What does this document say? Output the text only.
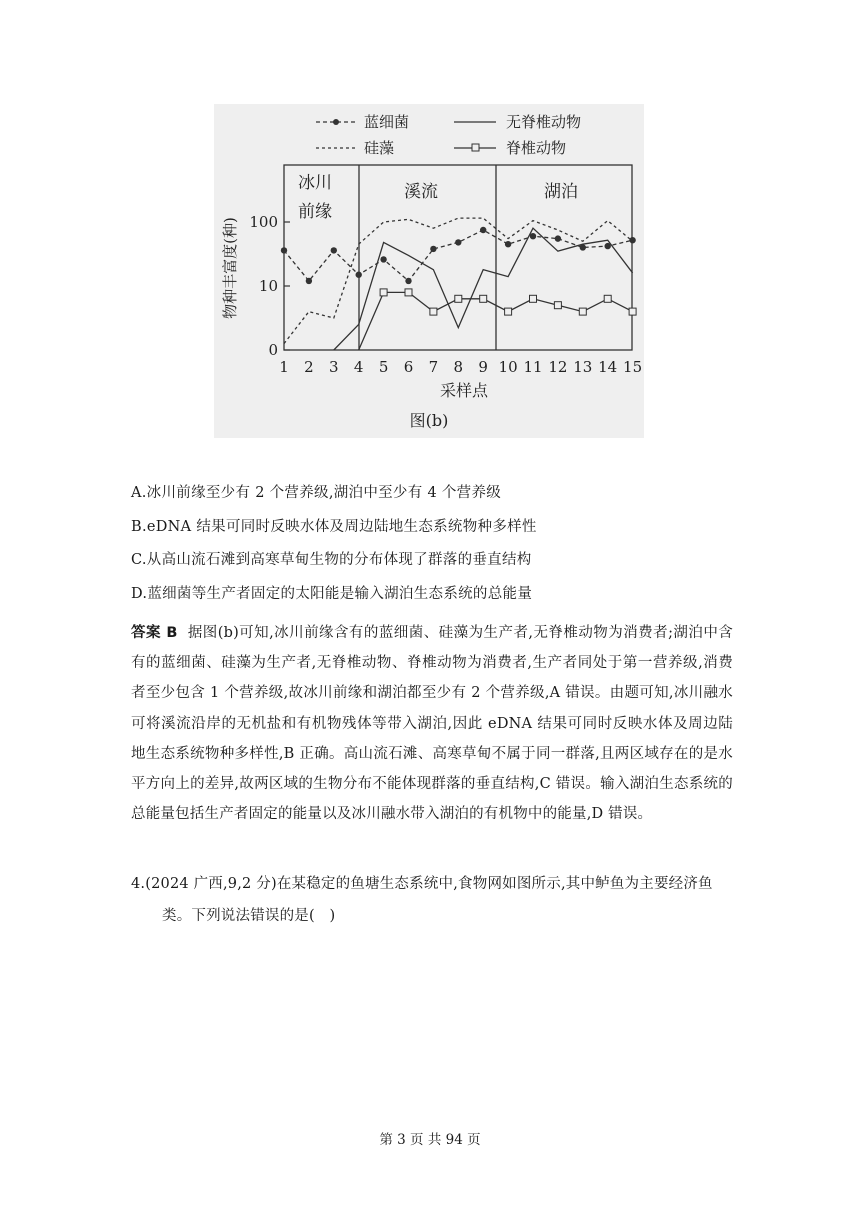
蓝细菌	无脊椎动物
硅藻	脊椎动物
冰川
前缘
溪流	湖泊
物种丰富度(种)
0
10
100
1 2 3 4 5 6 7 8 9 10 11 12 13 14 15
采样点
图(b)
A.冰川前缘至少有 2 个营养级,湖泊中至少有 4 个营养级
B.eDNA 结果可同时反映水体及周边陆地生态系统物种多样性
C.从高山流石滩到高寒草甸生物的分布体现了群落的垂直结构
D.蓝细菌等生产者固定的太阳能是输入湖泊生态系统的总能量
答案 B 据图(b)可知,冰川前缘含有的蓝细菌、硅藻为生产者,无脊椎动物为消费者;湖泊中含有的蓝细菌、硅藻为生产者,无脊椎动物、脊椎动物为消费者,生产者同处于第一营养级,消费者至少包含 1 个营养级,故冰川前缘和湖泊都至少有 2 个营养级,A 错误。由题可知,冰川融水可将溪流沿岸的无机盐和有机物残体等带入湖泊,因此 eDNA 结果可同时反映水体及周边陆地生态系统物种多样性,B 正确。高山流石滩、高寒草甸不属于同一群落,且两区域存在的是水平方向上的差异,故两区域的生物分布不能体现群落的垂直结构,C 错误。输入湖泊生态系统的总能量包括生产者固定的能量以及冰川融水带入湖泊的有机物中的能量,D 错误。
4.(2024 广西,9,2 分)在某稳定的鱼塘生态系统中,食物网如图所示,其中鲈鱼为主要经济鱼
类。下列说法错误的是(　)
第 3 页 共 94 页
